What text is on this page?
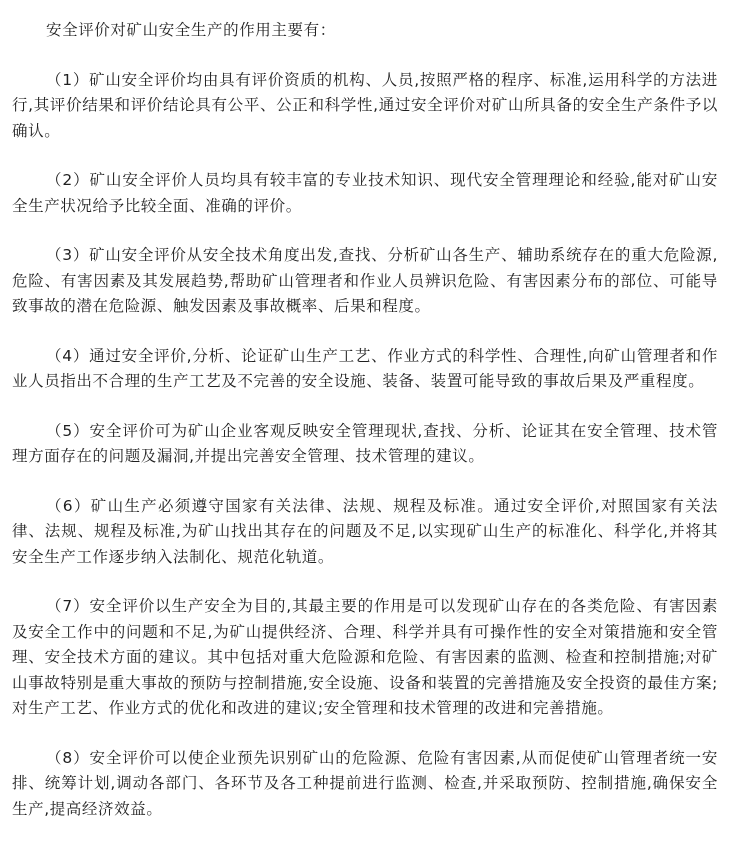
安全评价对矿山安全生产的作用主要有：

（1）矿山安全评价均由具有评价资质的机构、人员,按照严格的程序、标准,运用科学的方法进行,其评价结果和评价结论具有公平、公正和科学性,通过安全评价对矿山所具备的安全生产条件予以确认。

（2）矿山安全评价人员均具有较丰富的专业技术知识、现代安全管理理论和经验,能对矿山安全生产状况给予比较全面、准确的评价。

（3）矿山安全评价从安全技术角度出发,查找、分析矿山各生产、辅助系统存在的重大危险源,危险、有害因素及其发展趋势,帮助矿山管理者和作业人员辨识危险、有害因素分布的部位、可能导致事故的潜在危险源、触发因素及事故概率、后果和程度。

（4）通过安全评价,分析、论证矿山生产工艺、作业方式的科学性、合理性,向矿山管理者和作业人员指出不合理的生产工艺及不完善的安全设施、装备、装置可能导致的事故后果及严重程度。

（5）安全评价可为矿山企业客观反映安全管理现状,查找、分析、论证其在安全管理、技术管理方面存在的问题及漏洞,并提出完善安全管理、技术管理的建议。

（6）矿山生产必须遵守国家有关法律、法规、规程及标准。通过安全评价,对照国家有关法律、法规、规程及标准,为矿山找出其存在的问题及不足,以实现矿山生产的标准化、科学化,并将其安全生产工作逐步纳入法制化、规范化轨道。

（7）安全评价以生产安全为目的,其最主要的作用是可以发现矿山存在的各类危险、有害因素及安全工作中的问题和不足,为矿山提供经济、合理、科学并具有可操作性的安全对策措施和安全管理、安全技术方面的建议。其中包括对重大危险源和危险、有害因素的监测、检查和控制措施;对矿山事故特别是重大事故的预防与控制措施,安全设施、设备和装置的完善措施及安全投资的最佳方案;对生产工艺、作业方式的优化和改进的建议;安全管理和技术管理的改进和完善措施。

（8）安全评价可以使企业预先识别矿山的危险源、危险有害因素,从而促使矿山管理者统一安排、统筹计划,调动各部门、各环节及各工种提前进行监测、检查,并采取预防、控制措施,确保安全生产,提高经济效益。
